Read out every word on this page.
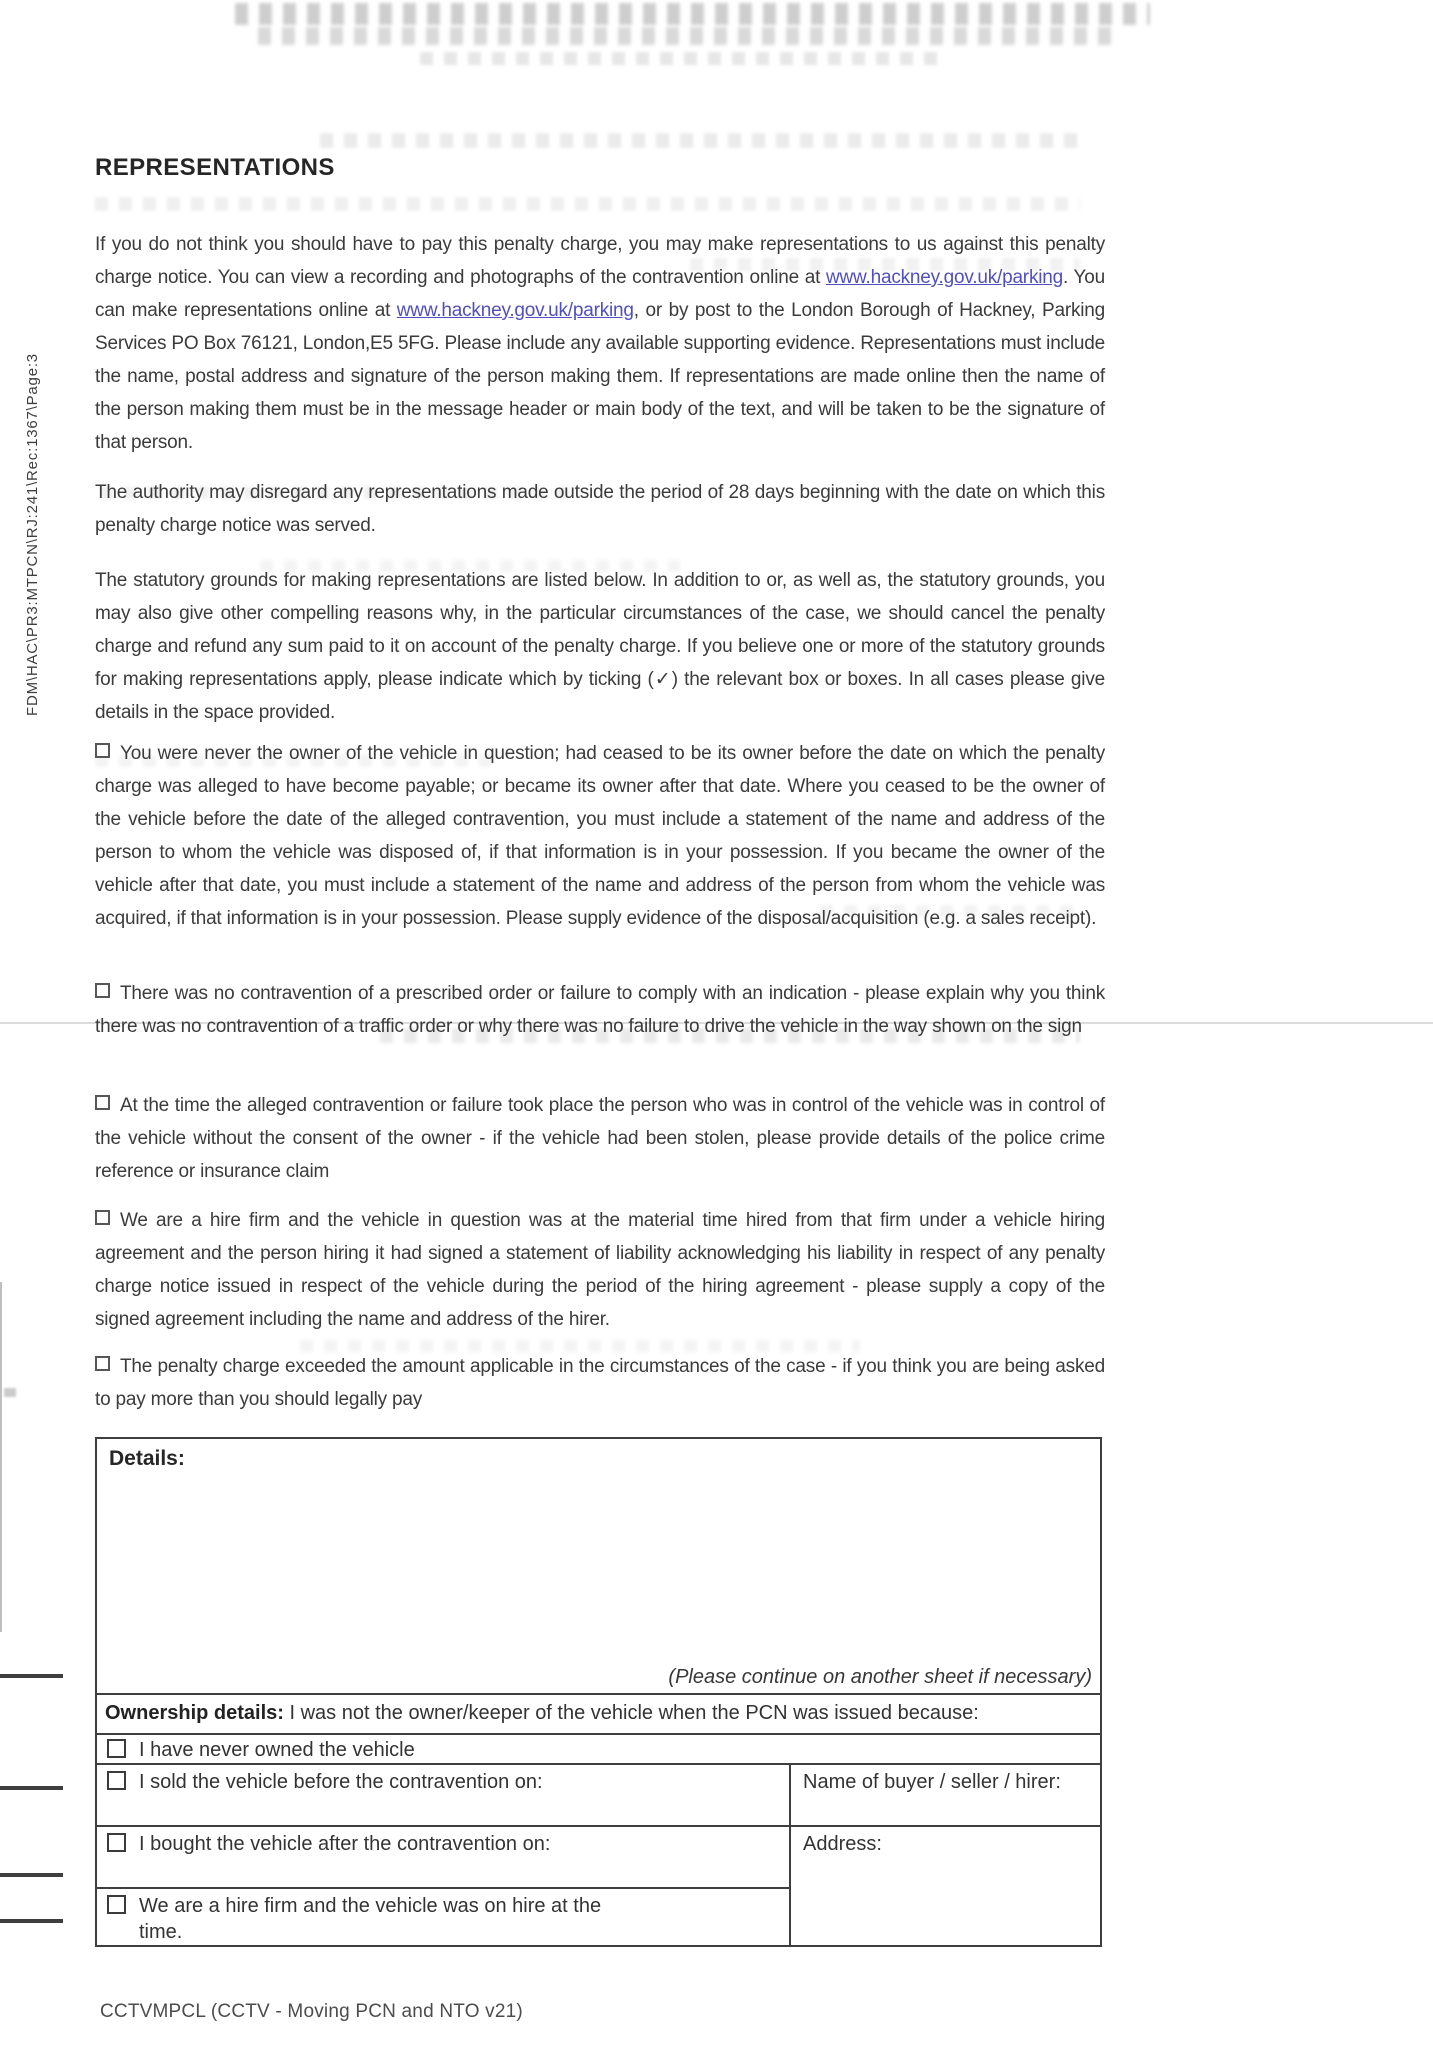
FDM\HAC\PR3:MTPCN\RJ:241\Rec:1367\Page:3
REPRESENTATIONS

If you do not think you should have to pay this penalty charge, you may make representations to us against this penalty charge notice. You can view a recording and photographs of the contravention online at www.hackney.gov.uk/parking. You can make representations online at www.hackney.gov.uk/parking, or by post to the London Borough of Hackney, Parking Services PO Box 76121, London,E5 5FG. Please include any available supporting evidence. Representations must include the name, postal address and signature of the person making them. If representations are made online then the name of the person making them must be in the message header or main body of the text, and will be taken to be the signature of that person.

The authority may disregard any representations made outside the period of 28 days beginning with the date on which this penalty charge notice was served.

The statutory grounds for making representations are listed below. In addition to or, as well as, the statutory grounds, you may also give other compelling reasons why, in the particular circumstances of the case, we should cancel the penalty charge and refund any sum paid to it on account of the penalty charge. If you believe one or more of the statutory grounds for making representations apply, please indicate which by ticking (✓) the relevant box or boxes. In all cases please give details in the space provided.

You were never the owner of the vehicle in question; had ceased to be its owner before the date on which the penalty charge was alleged to have become payable; or became its owner after that date. Where you ceased to be the owner of the vehicle before the date of the alleged contravention, you must include a statement of the name and address of the person to whom the vehicle was disposed of, if that information is in your possession. If you became the owner of the vehicle after that date, you must include a statement of the name and address of the person from whom the vehicle was acquired, if that information is in your possession. Please supply evidence of the disposal/acquisition (e.g. a sales receipt).
There was no contravention of a prescribed order or failure to comply with an indication - please explain why you think there was no contravention of a traffic order or why there was no failure to drive the vehicle in the way shown on the sign
At the time the alleged contravention or failure took place the person who was in control of the vehicle was in control of the vehicle without the consent of the owner - if the vehicle had been stolen, please provide details of the police crime reference or insurance claim
We are a hire firm and the vehicle in question was at the material time hired from that firm under a vehicle hiring agreement and the person hiring it had signed a statement of liability acknowledging his liability in respect of any penalty charge notice issued in respect of the vehicle during the period of the hiring agreement - please supply a copy of the signed agreement including the name and address of the hirer.
The penalty charge exceeded the amount applicable in the circumstances of the case - if you think you are being asked to pay more than you should legally pay
Details:
(Please continue on another sheet if necessary)
Ownership details: I was not the owner/keeper of the vehicle when the PCN was issued because:
I have never owned the vehicle
I sold the vehicle before the contravention on:	Name of buyer / seller / hirer:
I bought the vehicle after the contravention on:	Address:
We are a hire firm and the vehicle was on hire at the time.
CCTVMPCL (CCTV - Moving PCN and NTO v21)
